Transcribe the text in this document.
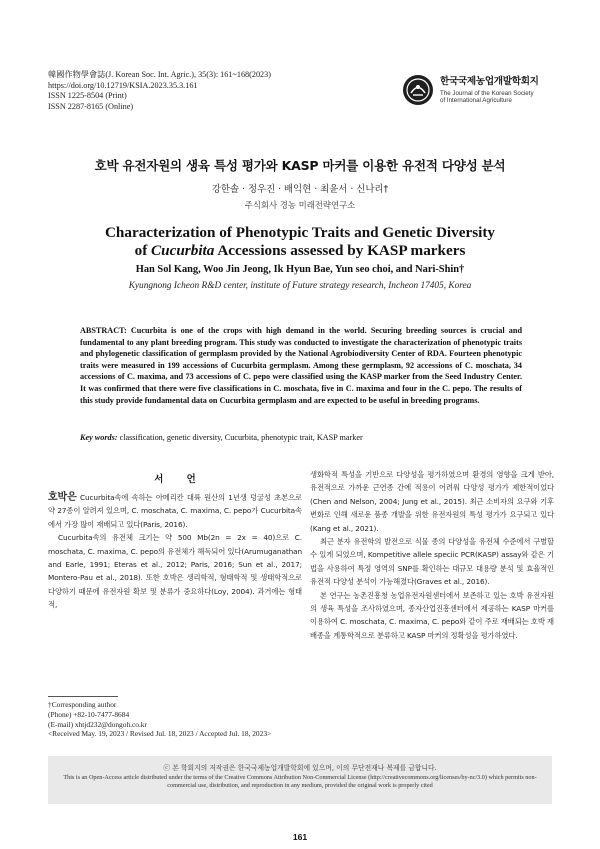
韓國作物學會誌(J. Korean Soc. Int. Agric.), 35(3): 161~168(2023)
https://doi.org/10.12719/KSIA.2023.35.3.161
ISSN 1225-8504 (Print)
ISSN 2287-8165 (Online)
한국국제농업개발학회지
The Journal of the Korean Society
of International Agriculture
호박 유전자원의 생육 특성 평가와 KASP 마커를 이용한 유전적 다양성 분석
강한솔 · 정우진 · 배익현 · 최윤서 · 신나리†
주식회사 경농 미래전략연구소
Characterization of Phenotypic Traits and Genetic Diversity
of Cucurbita Accessions assessed by KASP markers
Han Sol Kang, Woo Jin Jeong, Ik Hyun Bae, Yun seo choi, and Nari-Shin†
Kyungnong Icheon R&D center, institute of Future strategy research, Incheon 17405, Korea
ABSTRACT: Cucurbita is one of the crops with high demand in the world. Securing breeding sources is crucial and fundamental to any plant breeding program. This study was conducted to investigate the characterization of phenotypic traits and phylogenetic classification of germplasm provided by the National Agrobiodiversity Center of RDA. Fourteen phenotypic traits were measured in 199 accessions of Cucurbita germplasm. Among these germplasm, 92 accessions of C. moschata, 34 accessions of C. maxima, and 73 accessions of C. pepo were classified using the KASP marker from the Seed Industry Center. It was confirmed that there were five classifications in C. moschata, five in C. maxima and four in the C. pepo. The results of this study provide fundamental data on Cucurbita germplasm and are expected to be useful in breeding programs.
Key words: classification, genetic diversity, Cucurbita, phenotypic trait, KASP marker
서 언

호박은 Cucurbita속에 속하는 아메리칸 대륙 원산의 1년생 덩굴성 초본으로 약 27종이 알려져 있으며, C. moschata, C. maxima, C. pepo가 Cucurbita속에서 가장 많이 재배되고 있다(Paris, 2016).

Cucurbita속의 유전체 크기는 약 500 Mb(2n = 2x = 40)으로 C. moschata, C. maxima, C. pepo의 유전체가 해독되어 있다(Arumuganathan and Earle, 1991; Eteras et al., 2012; Paris, 2016; Sun et al., 2017; Montero-Pau et al., 2018). 또한 호박은 생리학적, 형태학적 및 생태학적으로 다양하기 때문에 유전자원 확보 및 분류가 중요하다(Loy, 2004). 과거에는 형태적,

생화학적 특성을 기반으로 다양성을 평가하였으며 환경의 영향을 크게 받아, 유전적으로 가까운 근연종 간에 적용이 어려워 다양성 평가가 제한적이었다(Chen and Nelson, 2004; Jung et al., 2015). 최근 소비자의 요구와 기후 변화로 인해 새로운 품종 개발을 위한 유전자원의 특성 평가가 요구되고 있다(Kang et al., 2021).

최근 분자 유전학의 발전으로 식물 종의 다양성을 유전체 수준에서 구별할 수 있게 되었으며, Kompetitive allele speciic PCR(KASP) assay와 같은 기법을 사용하여 특정 영역의 SNP를 확인하는 대규모 대용량 분석 및 효율적인 유전적 다양성 분석이 가능해졌다(Graves et al., 2016).

본 연구는 농촌진흥청 농업유전자원센터에서 보존하고 있는 호박 유전자원의 생육 특성을 조사하였으며, 종자산업진흥센터에서 제공하는 KASP 마커를 이용하여 C. moschata, C. maxima, C. pepo와 같이 주로 재배되는 호박 재배종을 계통학적으로 분류하고 KASP 마커의 정확성을 평가하였다.

†Corresponding author
(Phone) +82-10-7477-8684
(E-mail) xhtjd232@dongoh.co.kr
<Received May. 19, 2023 / Revised Jul. 18, 2023 / Accepted Jul. 18, 2023>
ⓒ 본 학회지의 저작권은 한국국제농업개발학회에 있으며, 이의 무단전재나 복제를 금합니다.
This is an Open-Access article distributed under the terms of the Creative Commons Attribution Non-Commercial License (http://creativecommons.org/licenses/by-nc/3.0) which permits non-commercial use, distribution, and reproduction in any medium, provided the original work is properly cited
161
